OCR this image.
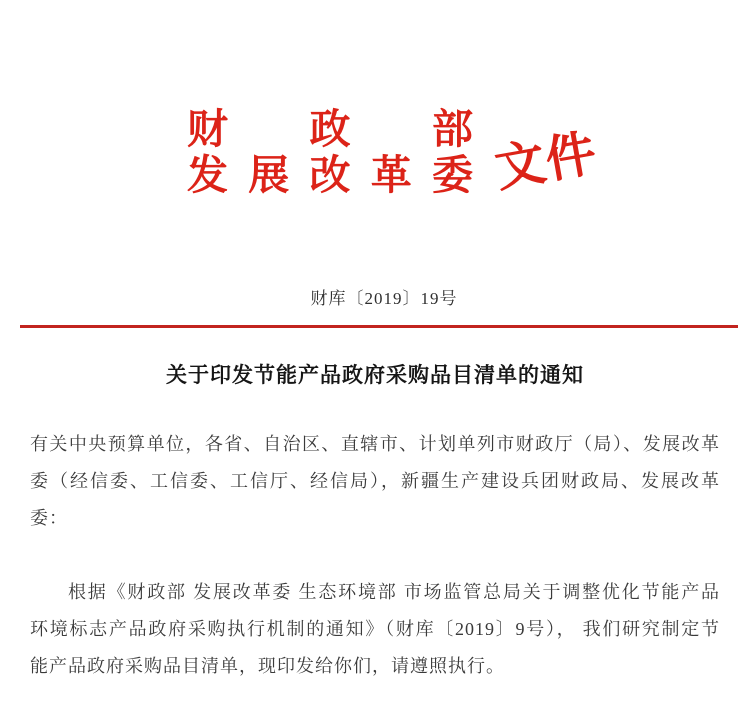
财政部
发展改革委 文件
财库〔2019〕19号
关于印发节能产品政府采购品目清单的通知
有关中央预算单位，各省、自治区、直辖市、计划单列市财政厅（局）、发展改革
委（经信委、工信委、工信厅、经信局），新疆生产建设兵团财政局、发展改革
委：
根据《财政部 发展改革委 生态环境部 市场监管总局关于调整优化节能产品
环境标志产品政府采购执行机制的通知》（财库〔2019〕9号）， 我们研究制定节
能产品政府采购品目清单，现印发给你们，请遵照执行。
